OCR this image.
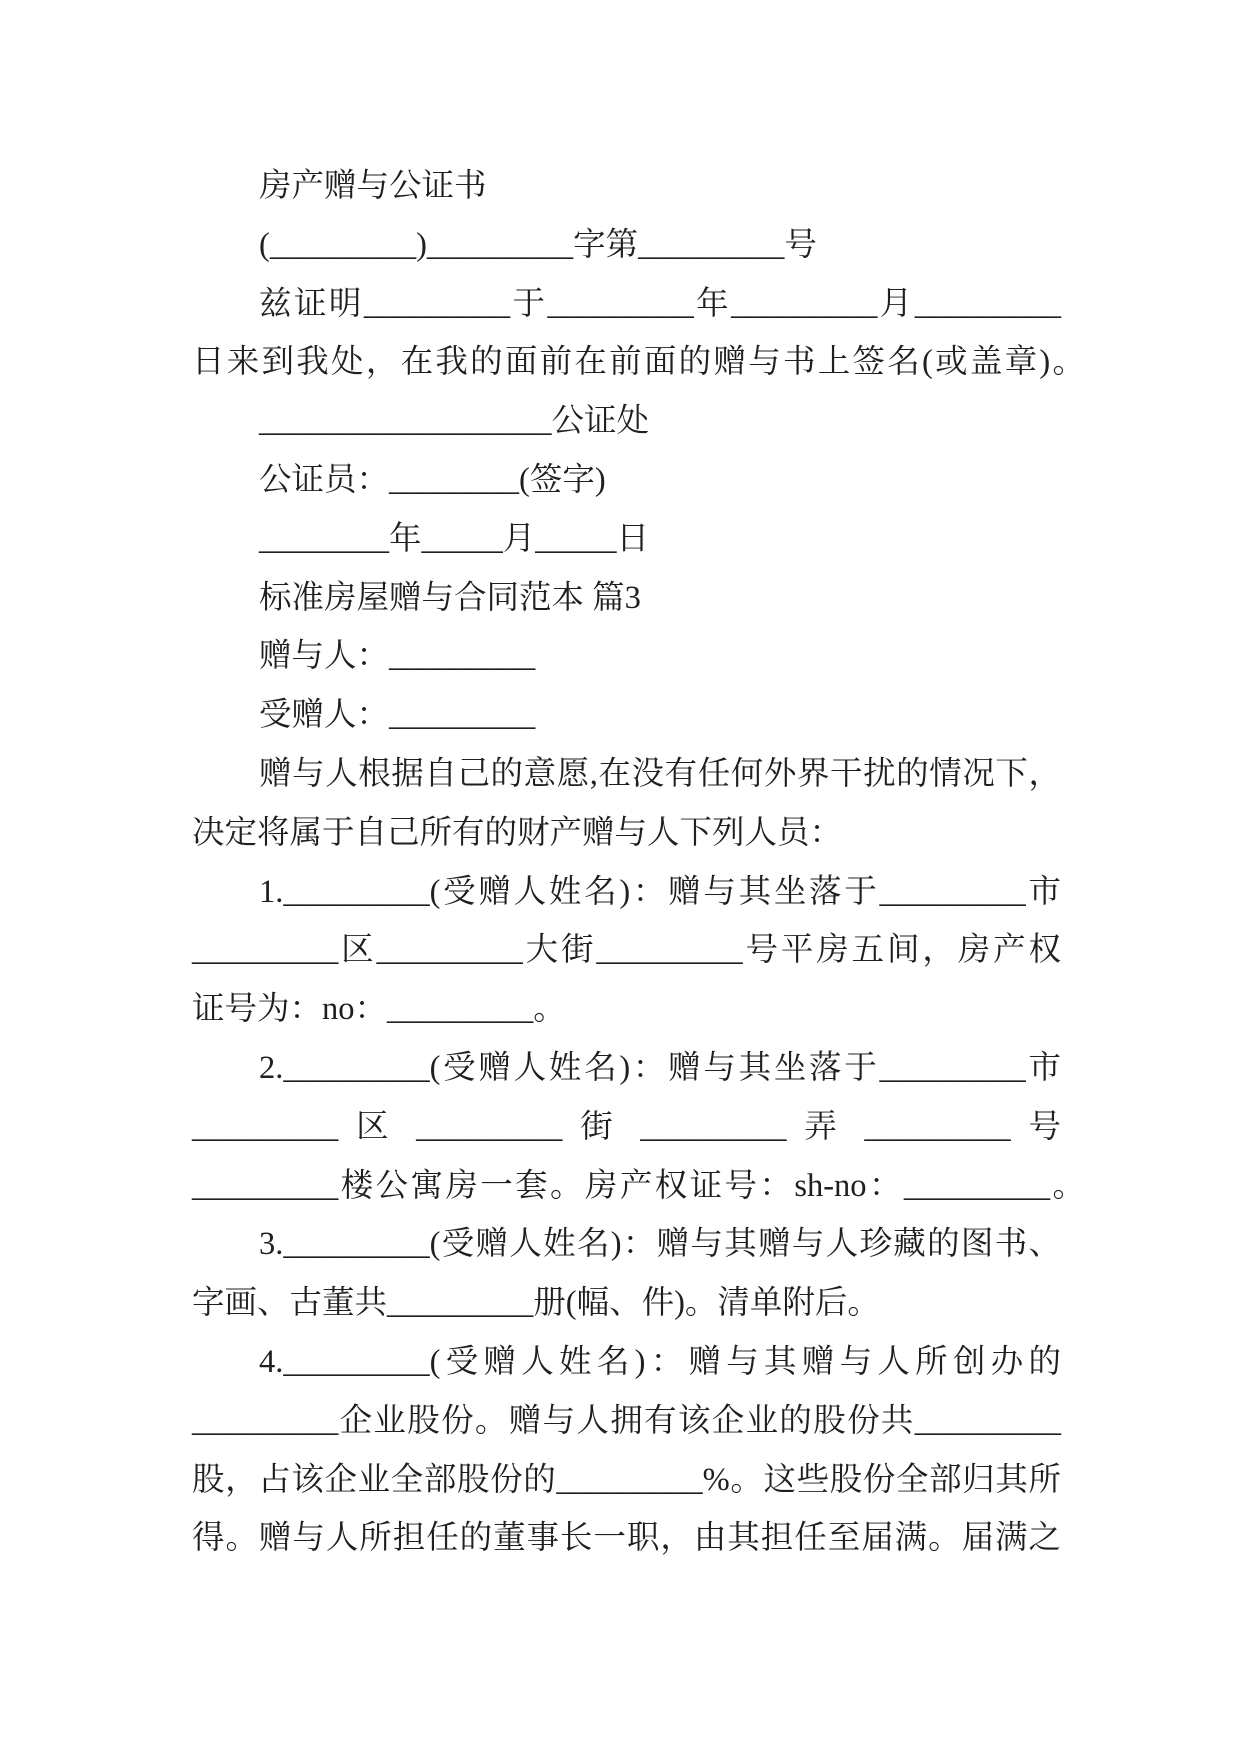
房产赠与公证书
(_________)_________字第_________号
兹证明_________于_________年_________月_________
日来到我处，在我的面前在前面的赠与书上签名(或盖章)。
__________________公证处
公证员：________(签字)
________年_____月_____日
标准房屋赠与合同范本 篇3
赠与人：_________
受赠人：_________
赠与人根据自己的意愿,在没有任何外界干扰的情况下，
决定将属于自己所有的财产赠与人下列人员：
1._________(受赠人姓名)：赠与其坐落于_________市
_________区_________大街_________号平房五间，房产权
证号为：no：_________。
2._________(受赠人姓名)：赠与其坐落于_________市
_________ 区 _________ 街 _________ 弄 _________ 号
_________楼公寓房一套。房产权证号：sh-no：_________。
3._________(受赠人姓名)：赠与其赠与人珍藏的图书、
字画、古董共_________册(幅、件)。清单附后。
4._________(受赠人姓名)：赠与其赠与人所创办的
_________企业股份。赠与人拥有该企业的股份共_________
股，占该企业全部股份的_________%。这些股份全部归其所
得。赠与人所担任的董事长一职，由其担任至届满。届满之
